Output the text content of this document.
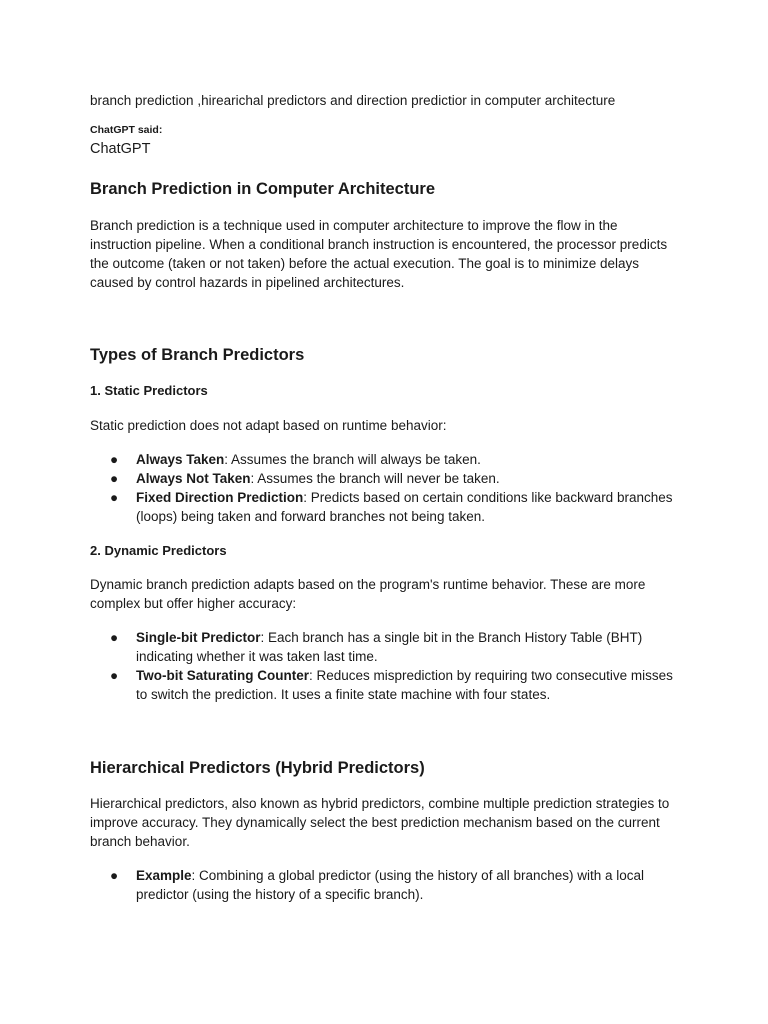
branch prediction ,hirearichal predictors and direction predictior in computer architecture

ChatGPT said:

ChatGPT

Branch Prediction in Computer Architecture

Branch prediction is a technique used in computer architecture to improve the flow in the instruction pipeline. When a conditional branch instruction is encountered, the processor predicts the outcome (taken or not taken) before the actual execution. The goal is to minimize delays caused by control hazards in pipelined architectures.

Types of Branch Predictors
1. Static Predictors

Static prediction does not adapt based on runtime behavior:

● Always Taken: Assumes the branch will always be taken.
● Always Not Taken: Assumes the branch will never be taken.
● Fixed Direction Prediction: Predicts based on certain conditions like backward branches (loops) being taken and forward branches not being taken.
2. Dynamic Predictors

Dynamic branch prediction adapts based on the program's runtime behavior. These are more complex but offer higher accuracy:

● Single-bit Predictor: Each branch has a single bit in the Branch History Table (BHT) indicating whether it was taken last time.
● Two-bit Saturating Counter: Reduces misprediction by requiring two consecutive misses to switch the prediction. It uses a finite state machine with four states.
Hierarchical Predictors (Hybrid Predictors)

Hierarchical predictors, also known as hybrid predictors, combine multiple prediction strategies to improve accuracy. They dynamically select the best prediction mechanism based on the current branch behavior.

● Example: Combining a global predictor (using the history of all branches) with a local predictor (using the history of a specific branch).
